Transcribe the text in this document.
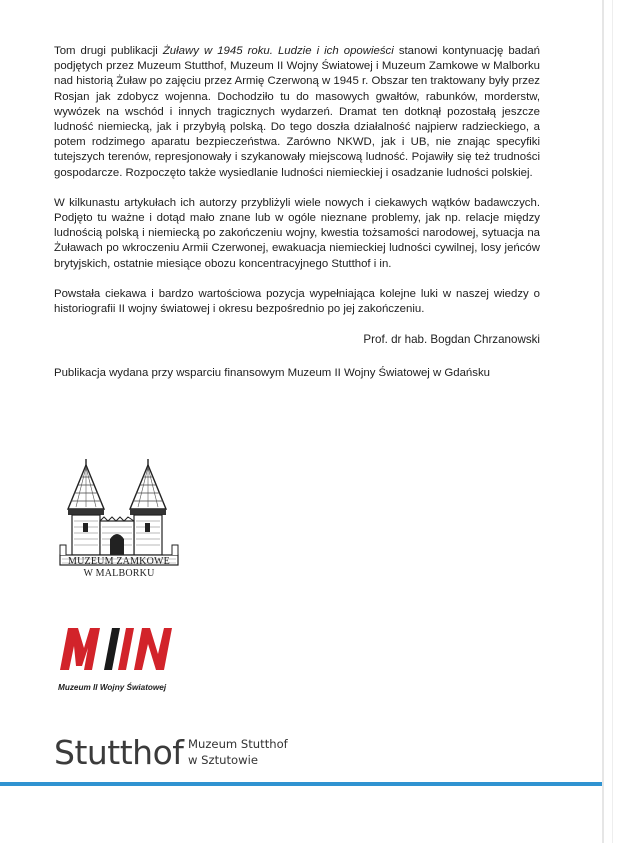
Tom drugi publikacji Żuławy w 1945 roku. Ludzie i ich opowieści stanowi kontynuację badań podjętych przez Muzeum Stutthof, Muzeum II Wojny Światowej i Muzeum Zamkowe w Malborku nad historią Żuław po zajęciu przez Armię Czerwoną w 1945 r. Obszar ten traktowany były przez Rosjan jak zdobycz wojenna. Dochodziło tu do masowych gwałtów, rabunków, morderstw, wywózek na wschód i innych tragicznych wydarzeń. Dramat ten dotknął pozostałą jeszcze ludność niemiecką, jak i przybyłą polską. Do tego doszła działalność najpierw radzieckiego, a potem rodzimego aparatu bezpieczeństwa. Zarówno NKWD, jak i UB, nie znając specyfiki tutejszych terenów, represjonowały i szykanowały miejscową ludność. Pojawiły się też trudności gospodarcze. Rozpoczęto także wysiedlanie ludności niemieckiej i osadzanie ludności polskiej.

W kilkunastu artykułach ich autorzy przybliżyli wiele nowych i ciekawych wątków badawczych. Podjęto tu ważne i dotąd mało znane lub w ogóle nieznane problemy, jak np. relacje między ludnością polską i niemiecką po zakończeniu wojny, kwestia tożsamości narodowej, sytuacja na Żuławach po wkroczeniu Armii Czerwonej, ewakuacja niemieckiej ludności cywilnej, losy jeńców brytyjskich, ostatnie miesiące obozu koncentracyjnego Stutthof i in.

Powstała ciekawa i bardzo wartościowa pozycja wypełniająca kolejne luki w naszej wiedzy o historiografii II wojny światowej i okresu bezpośrednio po jej zakończeniu.

Prof. dr hab. Bogdan Chrzanowski

Publikacja wydana przy wsparciu finansowym Muzeum II Wojny Światowej w Gdańsku

MUZEUM ZAMKOWE
W MALBORKU
Muzeum II Wojny Światowej
Stutthof Muzeum Stutthof
w Sztutowie
